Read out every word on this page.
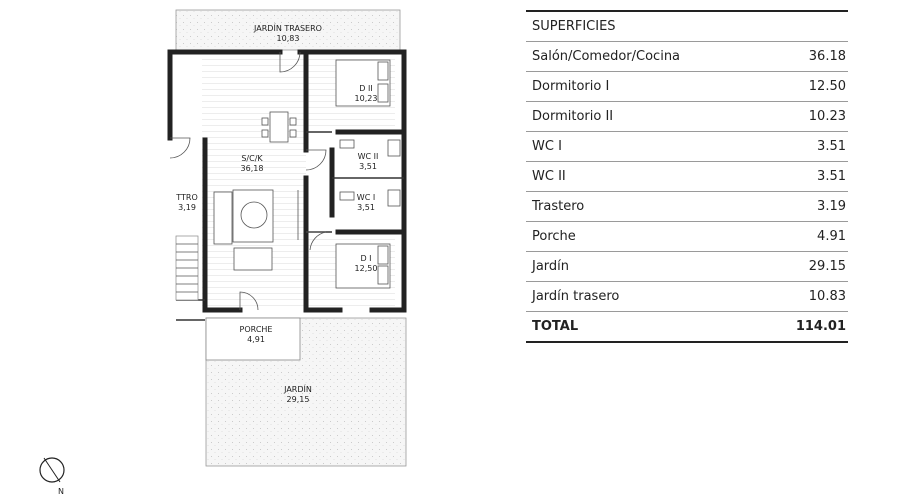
JARDÍN TRASERO
10,83
D II
10,23
S/C/K
36,18
WC II
3,51
WC I
3,51
TTRO
3,19
D I
12,50
PORCHE
4,91
JARDÍN
29,15
N
SUPERFICIES	
Salón/Comedor/Cocina	36.18
Dormitorio I	12.50
Dormitorio II	10.23
WC I	3.51
WC II	3.51
Trastero	3.19
Porche	4.91
Jardín	29.15
Jardín trasero	10.83
TOTAL	114.01
